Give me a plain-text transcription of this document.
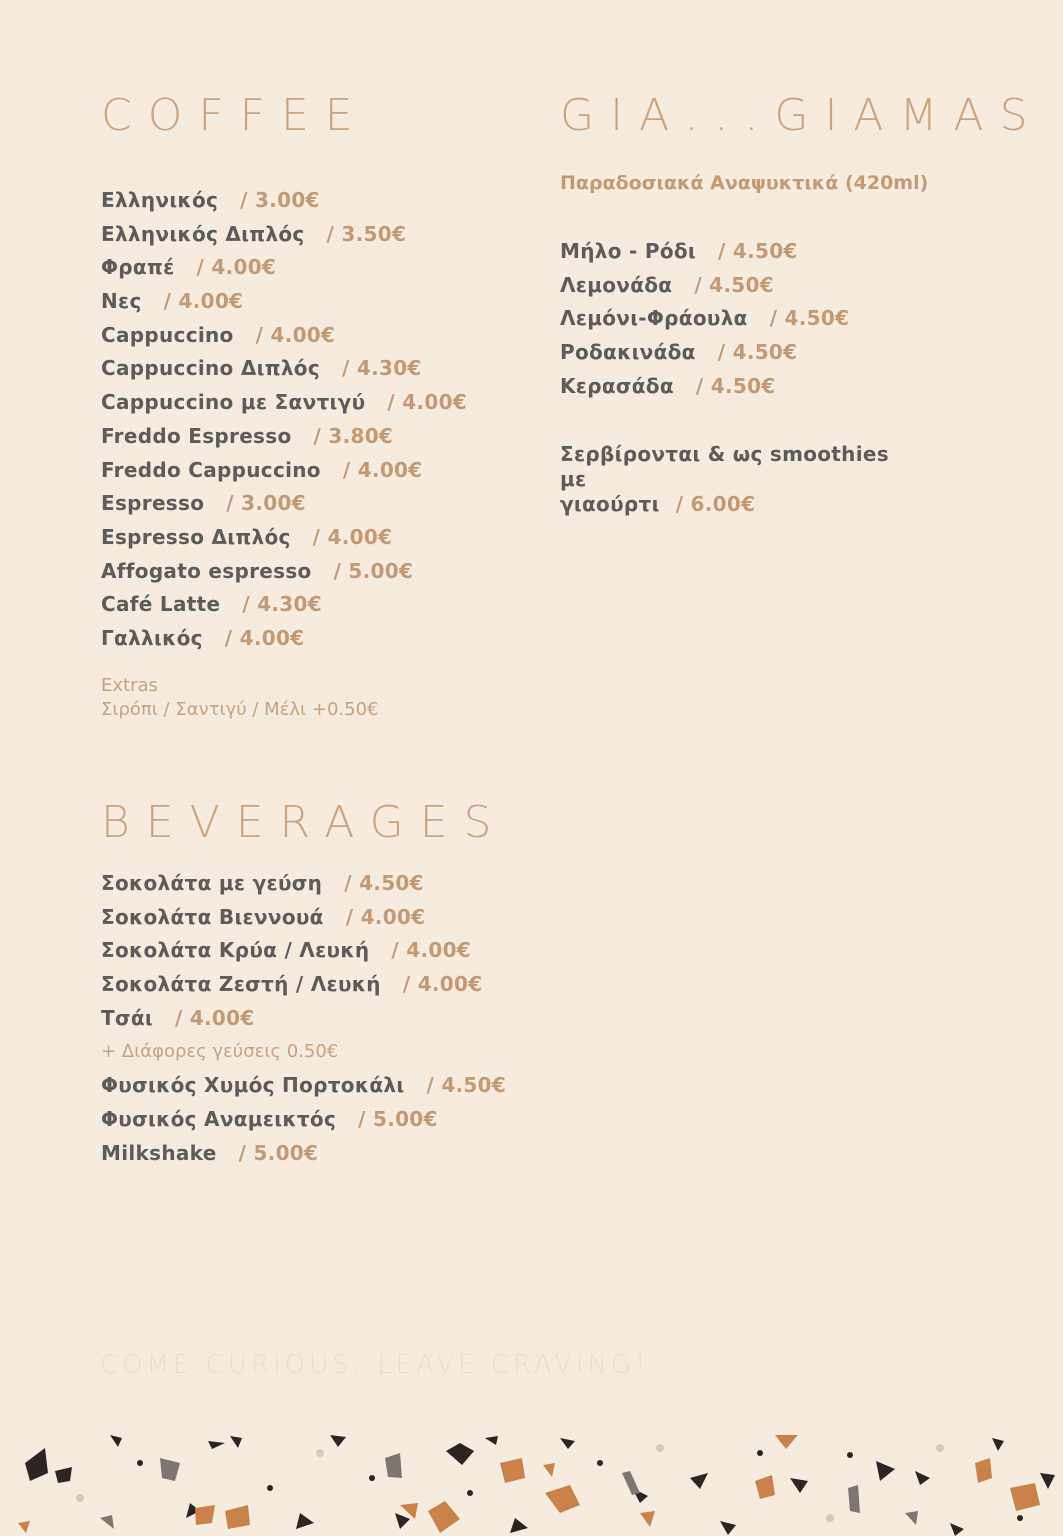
COFFEE
Ελληνικός / 3.00€
Ελληνικός Διπλός / 3.50€
Φραπέ / 4.00€
Νες / 4.00€
Cappuccino / 4.00€
Cappuccino Διπλός / 4.30€
Cappuccino με Σαντιγύ / 4.00€
Freddo Espresso / 3.80€
Freddo Cappuccino / 4.00€
Espresso / 3.00€
Espresso Διπλός / 4.00€
Affogato espresso / 5.00€
Café Latte / 4.30€
Γαλλικός / 4.00€
Extras
Σιρόπι / Σαντιγύ / Μέλι +0.50€
GIA...GIAMAS
Παραδοσιακά Αναψυκτικά (420ml)
Μήλο - Ρόδι / 4.50€
Λεμονάδα / 4.50€
Λεμόνι-Φράουλα / 4.50€
Ροδακινάδα / 4.50€
Κερασάδα / 4.50€
Σερβίρονται & ως smoothies με
γιαούρτι / 6.00€
BEVERAGES
Σοκολάτα με γεύση / 4.50€
Σοκολάτα Βιεννουά / 4.00€
Σοκολάτα Κρύα / Λευκή / 4.00€
Σοκολάτα Ζεστή / Λευκή / 4.00€
Τσάι / 4.00€
+ Διάφορες γεύσεις 0.50€
Φυσικός Χυμός Πορτοκάλι / 4.50€
Φυσικός Αναμεικτός / 5.00€
Milkshake / 5.00€

COME CURIOUS, LEAVE CRAVING!
